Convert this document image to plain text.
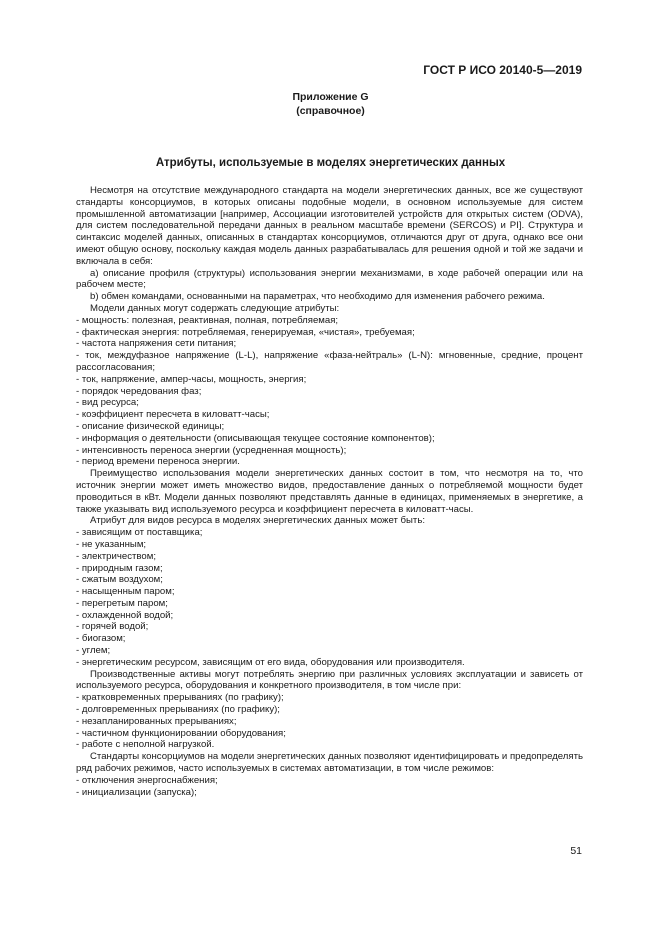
ГОСТ Р ИСО 20140-5—2019

Приложение G
(справочное)

Атрибуты, используемые в моделях энергетических данных

Несмотря на отсутствие международного стандарта на модели энергетических данных, все же существуют стандарты консорциумов, в которых описаны подобные модели, в основном используемые для систем промышленной автоматизации [например, Ассоциации изготовителей устройств для открытых систем (ODVA), для систем последовательной передачи данных в реальном масштабе времени (SERCOS) и PI]. Структура и синтаксис моделей данных, описанных в стандартах консорциумов, отличаются друг от друга, однако все они имеют общую основу, поскольку каждая модель данных разрабатывалась для решения одной и той же задачи и включала в себя:

a) описание профиля (структуры) использования энергии механизмами, в ходе рабочей операции или на рабочем месте;

b) обмен командами, основанными на параметрах, что необходимо для изменения рабочего режима.

Модели данных могут содержать следующие атрибуты:

- мощность: полезная, реактивная, полная, потребляемая;

- фактическая энергия: потребляемая, генерируемая, «чистая», требуемая;

- частота напряжения сети питания;

- ток, междуфазное напряжение (L-L), напряжение «фаза-нейтраль» (L-N): мгновенные, средние, процент рассогласования;

- ток, напряжение, ампер-часы, мощность, энергия;

- порядок чередования фаз;

- вид ресурса;

- коэффициент пересчета в киловатт-часы;

- описание физической единицы;

- информация о деятельности (описывающая текущее состояние компонентов);

- интенсивность переноса энергии (усредненная мощность);

- период времени переноса энергии.

Преимущество использования модели энергетических данных состоит в том, что несмотря на то, что источник энергии может иметь множество видов, предоставление данных о потребляемой мощности будет проводиться в кВт. Модели данных позволяют представлять данные в единицах, применяемых в энергетике, а также указывать вид используемого ресурса и коэффициент пересчета в киловатт-часы.

Атрибут для видов ресурса в моделях энергетических данных может быть:

- зависящим от поставщика;

- не указанным;

- электричеством;

- природным газом;

- сжатым воздухом;

- насыщенным паром;

- перегретым паром;

- охлажденной водой;

- горячей водой;

- биогазом;

- углем;

- энергетическим ресурсом, зависящим от его вида, оборудования или производителя.

Производственные активы могут потреблять энергию при различных условиях эксплуатации и зависеть от используемого ресурса, оборудования и конкретного производителя, в том числе при:

- кратковременных прерываниях (по графику);

- долговременных прерываниях (по графику);

- незапланированных прерываниях;

- частичном функционировании оборудования;

- работе с неполной нагрузкой.

Стандарты консорциумов на модели энергетических данных позволяют идентифицировать и предопределять ряд рабочих режимов, часто используемых в системах автоматизации, в том числе режимов:

- отключения энергоснабжения;

- инициализации (запуска);

51
